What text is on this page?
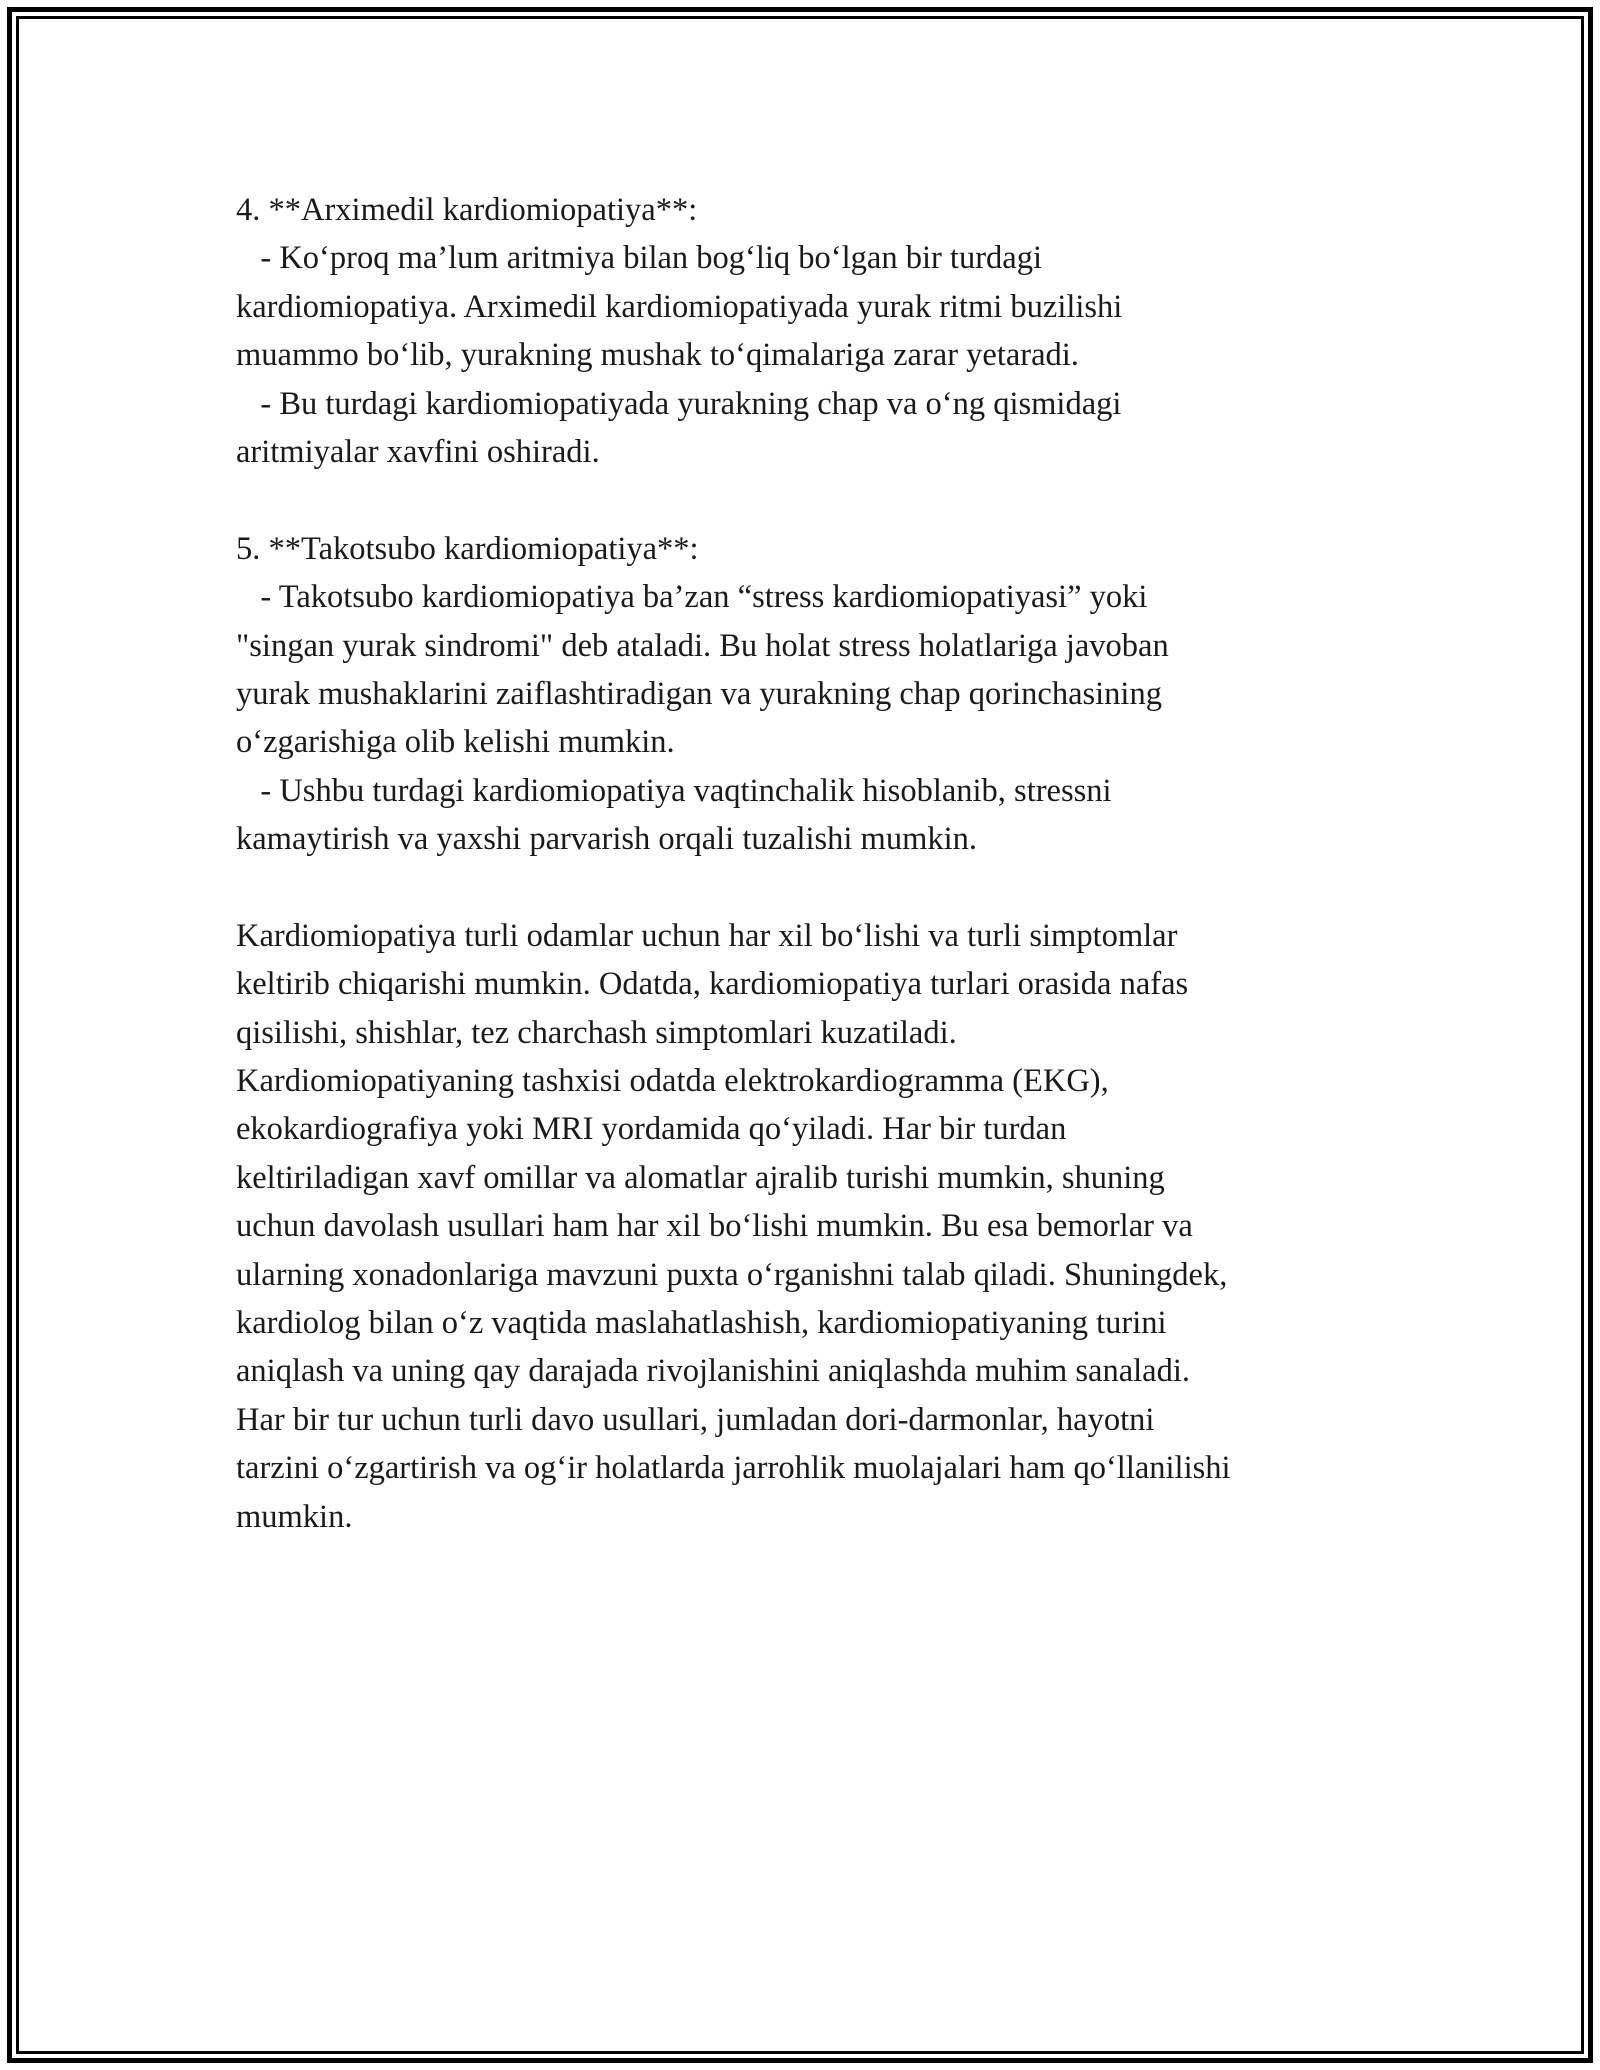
4. **Arximedil kardiomiopatiya**:
- Ko‘proq ma’lum aritmiya bilan bog‘liq bo‘lgan bir turdagi
kardiomiopatiya. Arximedil kardiomiopatiyada yurak ritmi buzilishi
muammo bo‘lib, yurakning mushak to‘qimalariga zarar yetaradi.
- Bu turdagi kardiomiopatiyada yurakning chap va o‘ng qismidagi
aritmiyalar xavfini oshiradi.
5. **Takotsubo kardiomiopatiya**:
- Takotsubo kardiomiopatiya ba’zan “stress kardiomiopatiyasi” yoki
"singan yurak sindromi" deb ataladi. Bu holat stress holatlariga javoban
yurak mushaklarini zaiflashtiradigan va yurakning chap qorinchasining
o‘zgarishiga olib kelishi mumkin.
- Ushbu turdagi kardiomiopatiya vaqtinchalik hisoblanib, stressni
kamaytirish va yaxshi parvarish orqali tuzalishi mumkin.
Kardiomiopatiya turli odamlar uchun har xil bo‘lishi va turli simptomlar
keltirib chiqarishi mumkin. Odatda, kardiomiopatiya turlari orasida nafas
qisilishi, shishlar, tez charchash simptomlari kuzatiladi.
Kardiomiopatiyaning tashxisi odatda elektrokardiogramma (EKG),
ekokardiografiya yoki MRI yordamida qo‘yiladi. Har bir turdan
keltiriladigan xavf omillar va alomatlar ajralib turishi mumkin, shuning
uchun davolash usullari ham har xil bo‘lishi mumkin. Bu esa bemorlar va
ularning xonadonlariga mavzuni puxta o‘rganishni talab qiladi. Shuningdek,
kardiolog bilan o‘z vaqtida maslahatlashish, kardiomiopatiyaning turini
aniqlash va uning qay darajada rivojlanishini aniqlashda muhim sanaladi.
Har bir tur uchun turli davo usullari, jumladan dori-darmonlar, hayotni
tarzini o‘zgartirish va og‘ir holatlarda jarrohlik muolajalari ham qo‘llanilishi
mumkin.
